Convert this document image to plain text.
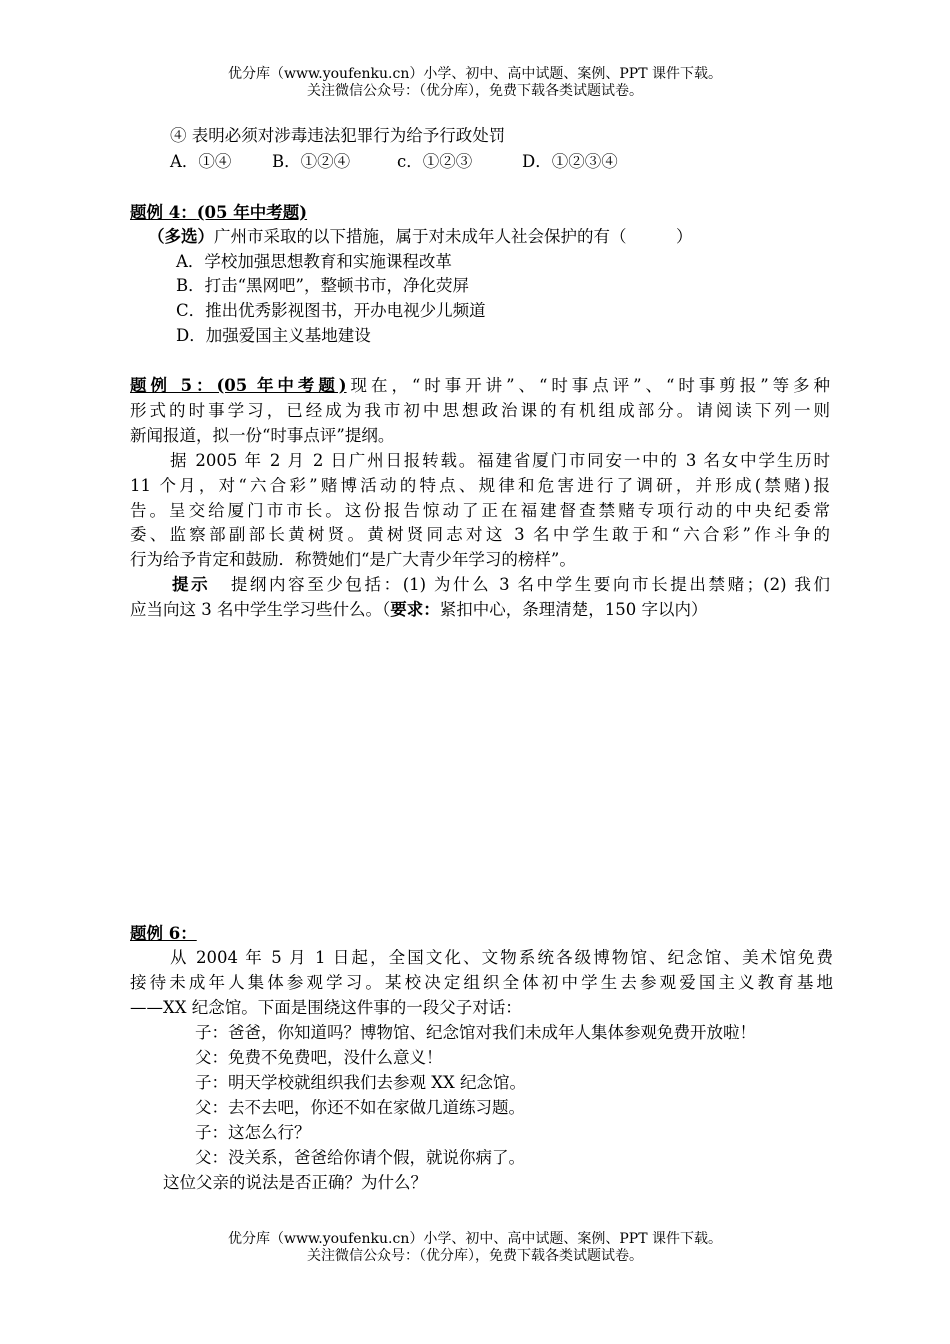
优分库（www.youfenku.cn）小学、初中、高中试题、案例、PPT 课件下载。
关注微信公众号：（优分库），免费下载各类试题试卷。
④ 表明必须对涉毒违法犯罪行为给予行政处罚
A．①④ B．①②④	c．①②③	D．①②③④
题例 4：(05 年中考题)
（多选）广州市采取的以下措施，属于对未成年人社会保护的有（　　　）
A．学校加强思想教育和实施课程改革
B．打击“黑网吧”，整顿书市，净化荧屏
C．推出优秀影视图书，开办电视少儿频道
D．加强爱国主义基地建设
题例 5：(05 年中考题)现在，“时事开讲”、“时事点评”、“时事剪报”等多种
形式的时事学习，已经成为我市初中思想政治课的有机组成部分。请阅读下列一则
新闻报道，拟一份“时事点评”提纲。
据 2005 年 2 月 2 日广州日报转载。福建省厦门市同安一中的 3 名女中学生历时
11 个月，对“六合彩”赌博活动的特点、规律和危害进行了调研，并形成(禁赌)报
告。呈交给厦门市市长。这份报告惊动了正在福建督查禁赌专项行动的中央纪委常
委、监察部副部长黄树贤。黄树贤同志对这 3 名中学生敢于和“六合彩”作斗争的
行为给予肯定和鼓励．称赞她们“是广大青少年学习的榜样”。
提示 提纲内容至少包括：(1) 为什么 3 名中学生要向市长提出禁赌；(2) 我们
应当向这 3 名中学生学习些什么。（要求：紧扣中心，条理清楚，150 字以内）
题例 6：
从 2004 年 5 月 1 日起，全国文化、文物系统各级博物馆、纪念馆、美术馆免费
接待未成年人集体参观学习。某校决定组织全体初中学生去参观爱国主义教育基地
——XX 纪念馆。下面是围绕这件事的一段父子对话：
子：爸爸，你知道吗？博物馆、纪念馆对我们未成年人集体参观免费开放啦！
父：免费不免费吧，没什么意义！
子：明天学校就组织我们去参观 XX 纪念馆。
父：去不去吧，你还不如在家做几道练习题。
子：这怎么行？
父：没关系，爸爸给你请个假，就说你病了。
这位父亲的说法是否正确？为什么？
优分库（www.youfenku.cn）小学、初中、高中试题、案例、PPT 课件下载。
关注微信公众号：（优分库），免费下载各类试题试卷。
